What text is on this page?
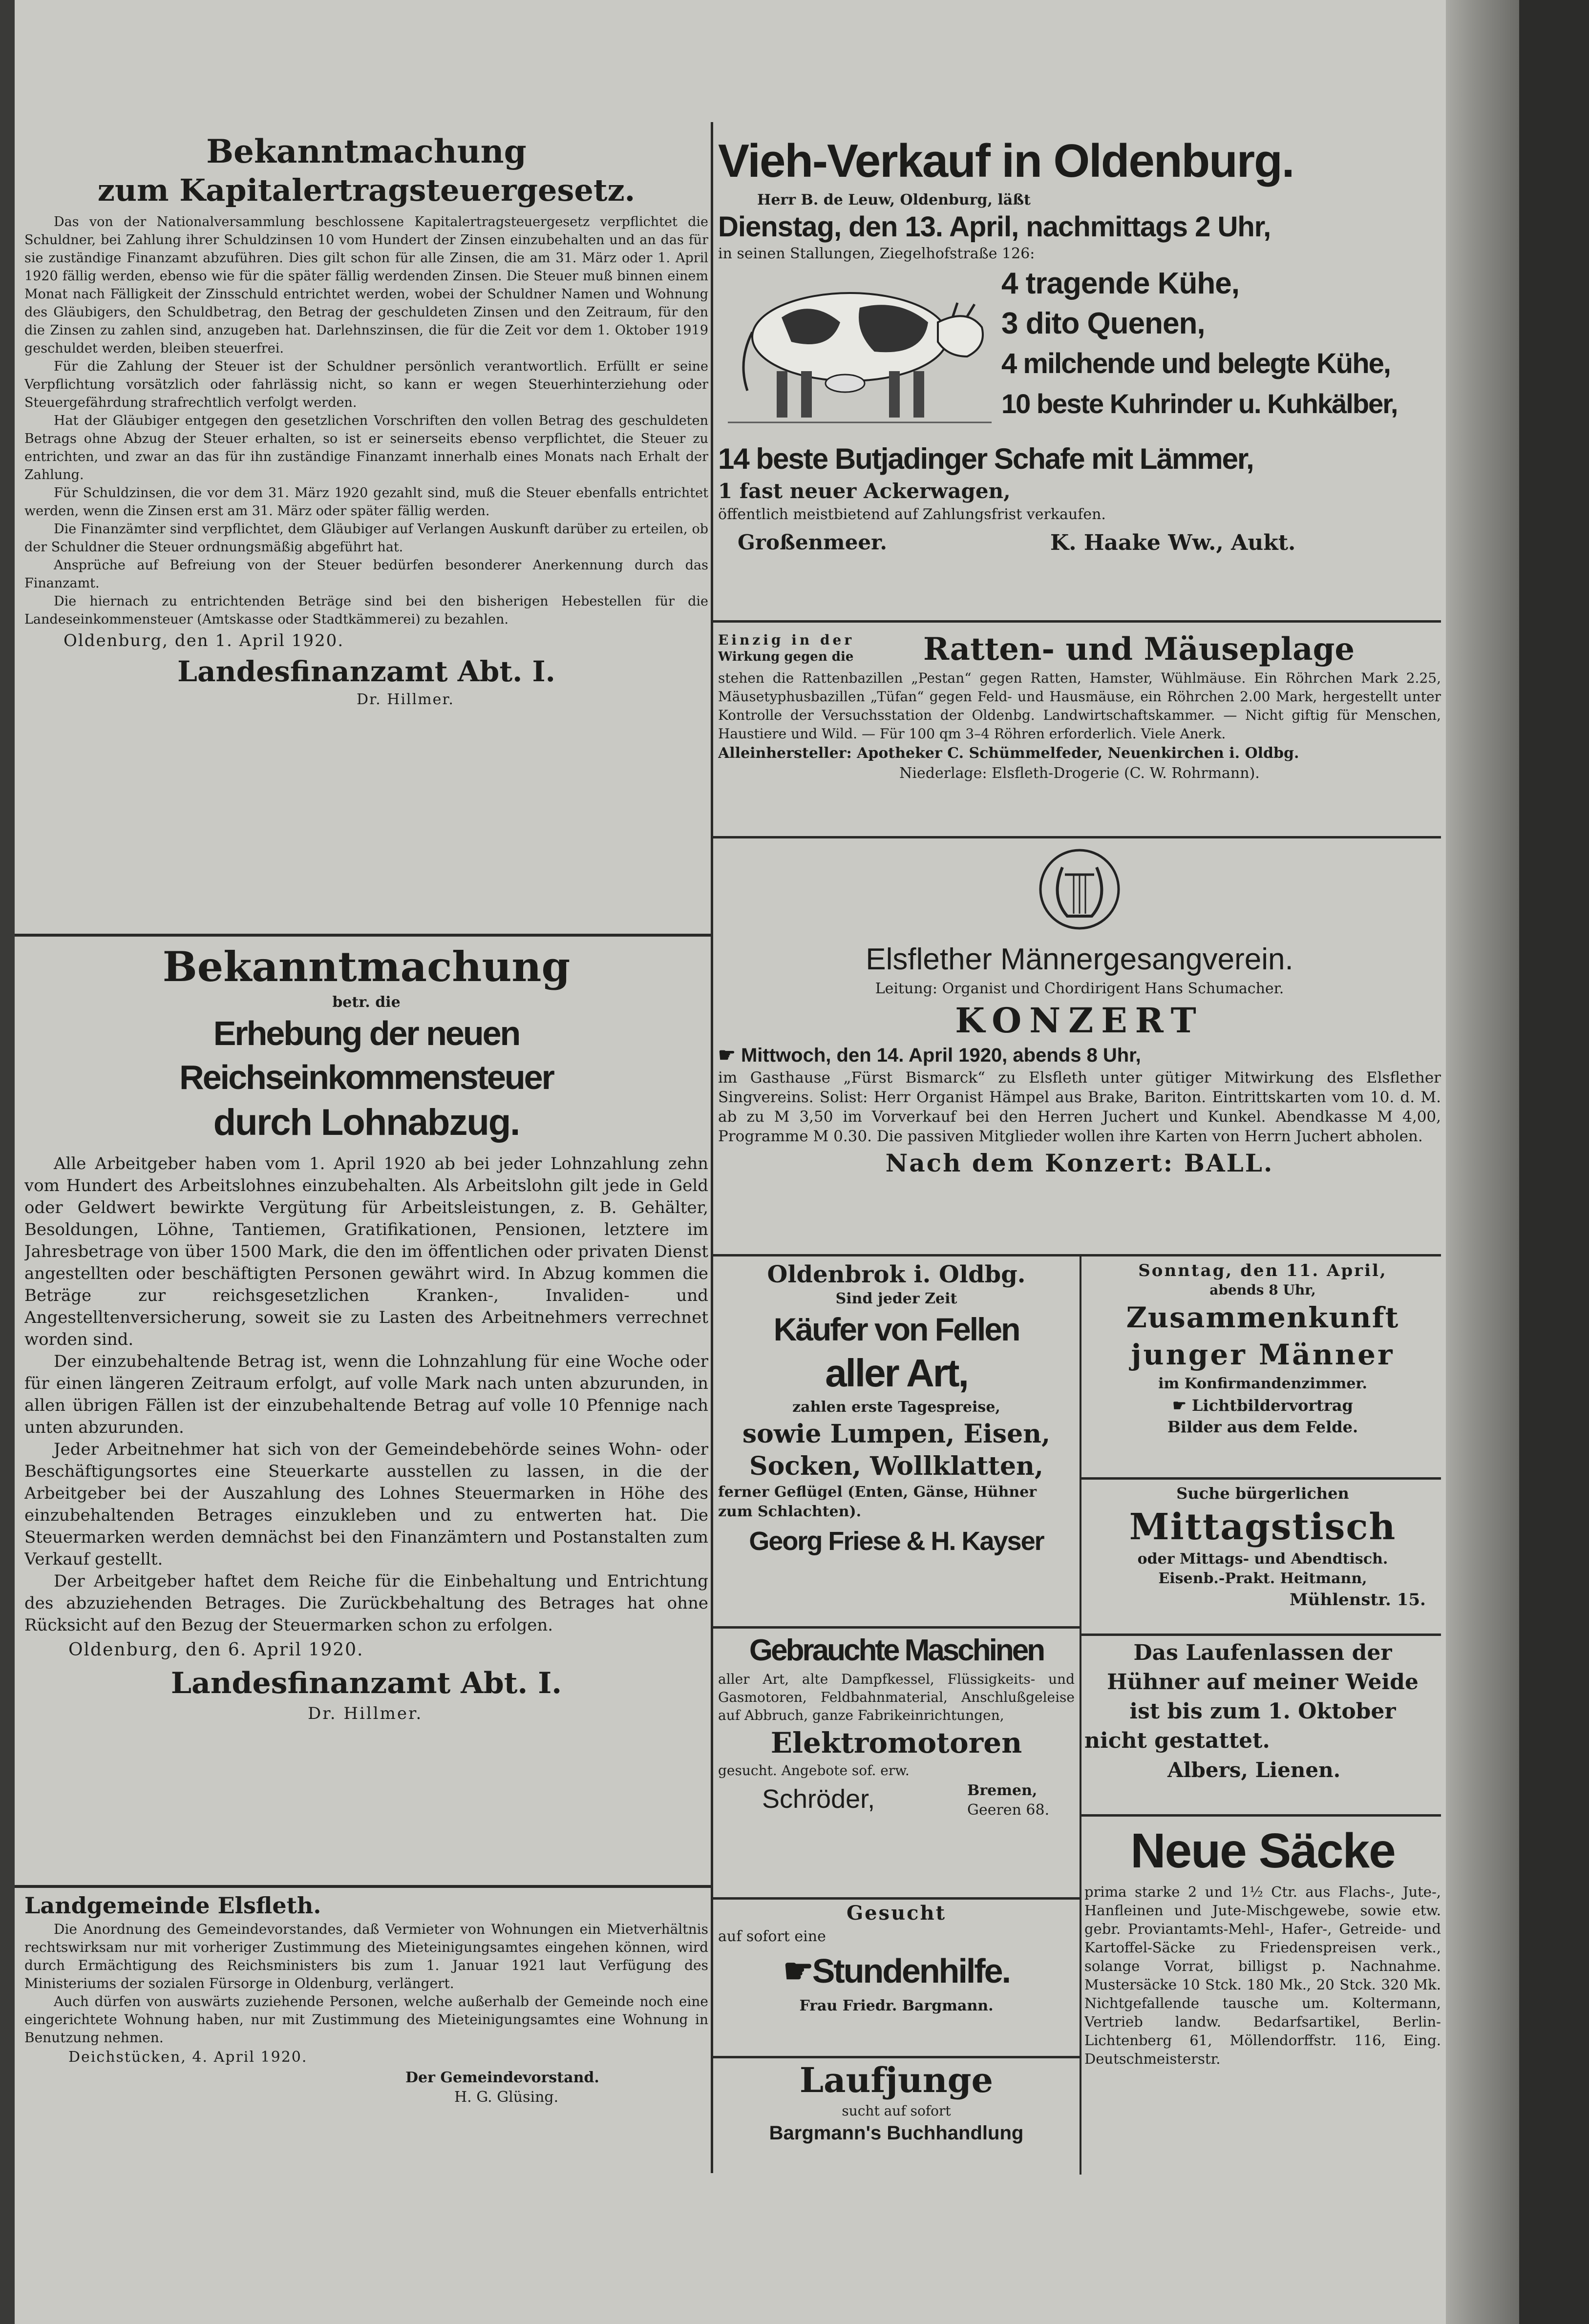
Bekanntmachung
zum Kapitalertragsteuergesetz.

Das von der Nationalversammlung beschlossene Kapitalertragsteuergesetz verpflichtet die Schuldner, bei Zahlung ihrer Schuldzinsen 10 vom Hundert der Zinsen einzubehalten und an das für sie zuständige Finanzamt abzuführen. Dies gilt schon für alle Zinsen, die am 31. März oder 1. April 1920 fällig werden, ebenso wie für die später fällig werdenden Zinsen. Die Steuer muß binnen einem Monat nach Fälligkeit der Zinsschuld entrichtet werden, wobei der Schuldner Namen und Wohnung des Gläubigers, den Schuldbetrag, den Betrag der geschuldeten Zinsen und den Zeitraum, für den die Zinsen zu zahlen sind, anzugeben hat. Darlehnszinsen, die für die Zeit vor dem 1. Oktober 1919 geschuldet werden, bleiben steuerfrei.

Für die Zahlung der Steuer ist der Schuldner persönlich verantwortlich. Erfüllt er seine Verpflichtung vorsätzlich oder fahrlässig nicht, so kann er wegen Steuerhinterziehung oder Steuergefährdung strafrechtlich verfolgt werden.

Hat der Gläubiger entgegen den gesetzlichen Vorschriften den vollen Betrag des geschuldeten Betrags ohne Abzug der Steuer erhalten, so ist er seinerseits ebenso verpflichtet, die Steuer zu entrichten, und zwar an das für ihn zuständige Finanzamt innerhalb eines Monats nach Erhalt der Zahlung.

Für Schuldzinsen, die vor dem 31. März 1920 gezahlt sind, muß die Steuer ebenfalls entrichtet werden, wenn die Zinsen erst am 31. März oder später fällig werden.

Die Finanzämter sind verpflichtet, dem Gläubiger auf Verlangen Auskunft darüber zu erteilen, ob der Schuldner die Steuer ordnungsmäßig abgeführt hat.

Ansprüche auf Befreiung von der Steuer bedürfen besonderer Anerkennung durch das Finanzamt.

Die hiernach zu entrichtenden Beträge sind bei den bisherigen Hebestellen für die Landeseinkommensteuer (Amtskasse oder Stadtkämmerei) zu bezahlen.

Oldenburg, den 1. April 1920.
Landesfinanzamt Abt. I.
Dr. Hillmer.
Bekanntmachung
betr. die
Erhebung der neuen Reichseinkommensteuer
durch Lohnabzug.

Alle Arbeitgeber haben vom 1. April 1920 ab bei jeder Lohnzahlung zehn vom Hundert des Arbeitslohnes einzubehalten. Als Arbeitslohn gilt jede in Geld oder Geldwert bewirkte Vergütung für Arbeitsleistungen, z. B. Gehälter, Besoldungen, Löhne, Tantiemen, Gratifikationen, Pensionen, letztere im Jahresbetrage von über 1500 Mark, die den im öffentlichen oder privaten Dienst angestellten oder beschäftigten Personen gewährt wird. In Abzug kommen die Beträge zur reichsgesetzlichen Kranken-, Invaliden- und Angestelltenversicherung, soweit sie zu Lasten des Arbeitnehmers verrechnet worden sind.

Der einzubehaltende Betrag ist, wenn die Lohnzahlung für eine Woche oder für einen längeren Zeitraum erfolgt, auf volle Mark nach unten abzurunden, in allen übrigen Fällen ist der einzubehaltende Betrag auf volle 10 Pfennige nach unten abzurunden.

Jeder Arbeitnehmer hat sich von der Gemeindebehörde seines Wohn- oder Beschäftigungsortes eine Steuerkarte ausstellen zu lassen, in die der Arbeitgeber bei der Auszahlung des Lohnes Steuermarken in Höhe des einzubehaltenden Betrages einzukleben und zu entwerten hat. Die Steuermarken werden demnächst bei den Finanzämtern und Postanstalten zum Verkauf gestellt.

Der Arbeitgeber haftet dem Reiche für die Einbehaltung und Entrichtung des abzuziehenden Betrages. Die Zurückbehaltung des Betrages hat ohne Rücksicht auf den Bezug der Steuermarken schon zu erfolgen.

Oldenburg, den 6. April 1920.
Landesfinanzamt Abt. I.
Dr. Hillmer.
Landgemeinde Elsfleth.

Die Anordnung des Gemeindevorstandes, daß Vermieter von Wohnungen ein Mietverhältnis rechtswirksam nur mit vorheriger Zustimmung des Mieteinigungsamtes eingehen können, wird durch Ermächtigung des Reichsministers bis zum 1. Januar 1921 laut Verfügung des Ministeriums der sozialen Fürsorge in Oldenburg, verlängert.

Auch dürfen von auswärts zuziehende Personen, welche außerhalb der Gemeinde noch eine eingerichtete Wohnung haben, nur mit Zustimmung des Mieteinigungsamtes eine Wohnung in Benutzung nehmen.

Deichstücken, 4. April 1920.
Der Gemeindevorstand.
H. G. Glüsing.
Vieh-Verkauf in Oldenburg.
Herr B. de Leuw, Oldenburg, läßt
Dienstag, den 13. April, nachmittags 2 Uhr,
in seinen Stallungen, Ziegelhofstraße 126:
4 tragende Kühe,
3 dito Quenen,
4 milchende und belegte Kühe,
10 beste Kuhrinder u. Kuhkälber,
14 beste Butjadinger Schafe mit Lämmer,
1 fast neuer Ackerwagen,
öffentlich meistbietend auf Zahlungsfrist verkaufen.
Großenmeer.	K. Haake Ww., Aukt.
Einzig in der
Wirkung gegen die Ratten- und Mäuseplage
stehen die Rattenbazillen „Pestan“ gegen Ratten, Hamster, Wühlmäuse. Ein Röhrchen Mark 2.25, Mäusetyphusbazillen „Tüfan“ gegen Feld- und Hausmäuse, ein Röhrchen 2.00 Mark, hergestellt unter Kontrolle der Versuchsstation der Oldenbg. Landwirtschaftskammer. — Nicht giftig für Menschen, Haustiere und Wild. — Für 100 qm 3–4 Röhren erforderlich. Viele Anerk.
Alleinhersteller: Apotheker C. Schümmelfeder, Neuenkirchen i. Oldbg.
Niederlage: Elsfleth-Drogerie (C. W. Rohrmann).
Elsflether Männergesangverein.
Leitung: Organist und Chordirigent Hans Schumacher.
KONZERT
☛ Mittwoch, den 14. April 1920, abends 8 Uhr,
im Gasthause „Fürst Bismarck“ zu Elsfleth unter gütiger Mitwirkung des Elsflether Singvereins. Solist: Herr Organist Hämpel aus Brake, Bariton. Eintrittskarten vom 10. d. M. ab zu M 3,50 im Vorverkauf bei den Herren Juchert und Kunkel. Abendkasse M 4,00, Programme M 0.30. Die passiven Mitglieder wollen ihre Karten von Herrn Juchert abholen.
Nach dem Konzert: BALL.
Oldenbrok i. Oldbg.
Sind jeder Zeit
Käufer von Fellen
aller Art,
zahlen erste Tagespreise,
sowie Lumpen, Eisen,
Socken, Wollklatten,
ferner Geflügel (Enten, Gänse, Hühner zum Schlachten).
Georg Friese & H. Kayser
Gebrauchte Maschinen
aller Art, alte Dampfkessel, Flüssigkeits- und Gasmotoren, Feldbahnmaterial, Anschlußgeleise auf Abbruch, ganze Fabrikeinrichtungen,
Elektromotoren
gesucht. Angebote sof. erw.
Schröder,	Bremen,
Geeren 68.
Gesucht
auf sofort eine
☛Stundenhilfe.
Frau Friedr. Bargmann.
Laufjunge
sucht auf sofort
Bargmann's Buchhandlung
Sonntag, den 11. April,
abends 8 Uhr,
Zusammenkunft
junger Männer
im Konfirmandenzimmer.
☛ Lichtbildervortrag
Bilder aus dem Felde.
Suche bürgerlichen
Mittagstisch
oder Mittags- und Abendtisch.
Eisenb.-Prakt. Heitmann,
Mühlenstr. 15.
Das Laufenlassen der
Hühner auf meiner Weide
ist bis zum 1. Oktober
nicht gestattet.
Albers, Lienen.
Neue Säcke
prima starke 2 und 1½ Ctr. aus Flachs-, Jute-, Hanfleinen und Jute-Mischgewebe, sowie etw. gebr. Proviantamts-Mehl-, Hafer-, Getreide- und Kartoffel-Säcke zu Friedenspreisen verk., solange Vorrat, billigst p. Nachnahme. Mustersäcke 10 Stck. 180 Mk., 20 Stck. 320 Mk. Nichtgefallende tausche um. Koltermann, Vertrieb landw. Bedarfsartikel, Berlin-Lichtenberg 61, Möllendorffstr. 116, Eing. Deutschmeisterstr.
